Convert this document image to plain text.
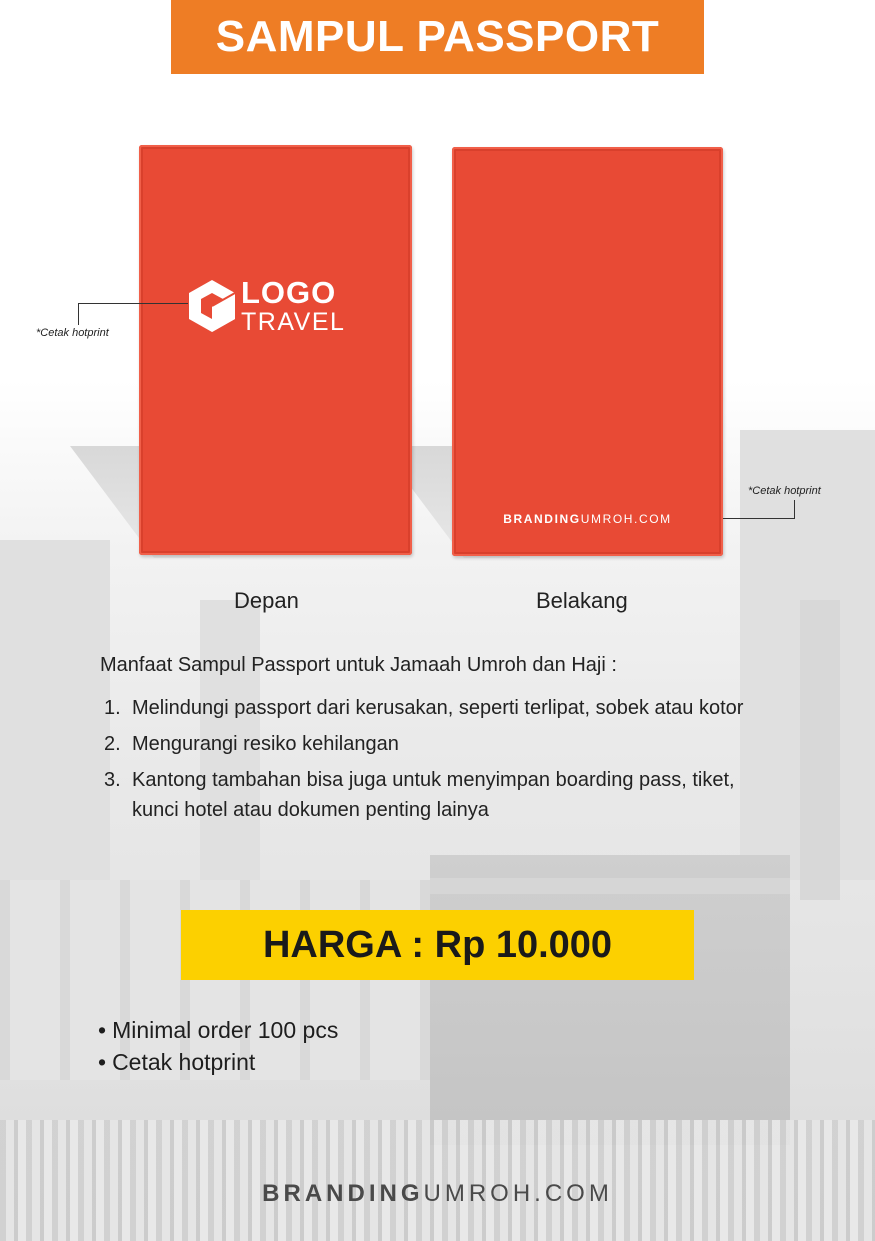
SAMPUL PASSPORT
LOGO
TRAVEL
BRANDINGUMROH.COM
*Cetak hotprint
*Cetak hotprint
Depan	Belakang
Manfaat Sampul Passport untuk Jamaah Umroh dan Haji :
1. Melindungi passport dari kerusakan, seperti terlipat, sobek atau kotor
2. Mengurangi resiko kehilangan
3. Kantong tambahan bisa juga untuk menyimpan boarding pass, tiket, kunci hotel atau dokumen penting lainya
HARGA : Rp 10.000
• Minimal order 100 pcs
• Cetak hotprint
BRANDINGUMROH.COM
